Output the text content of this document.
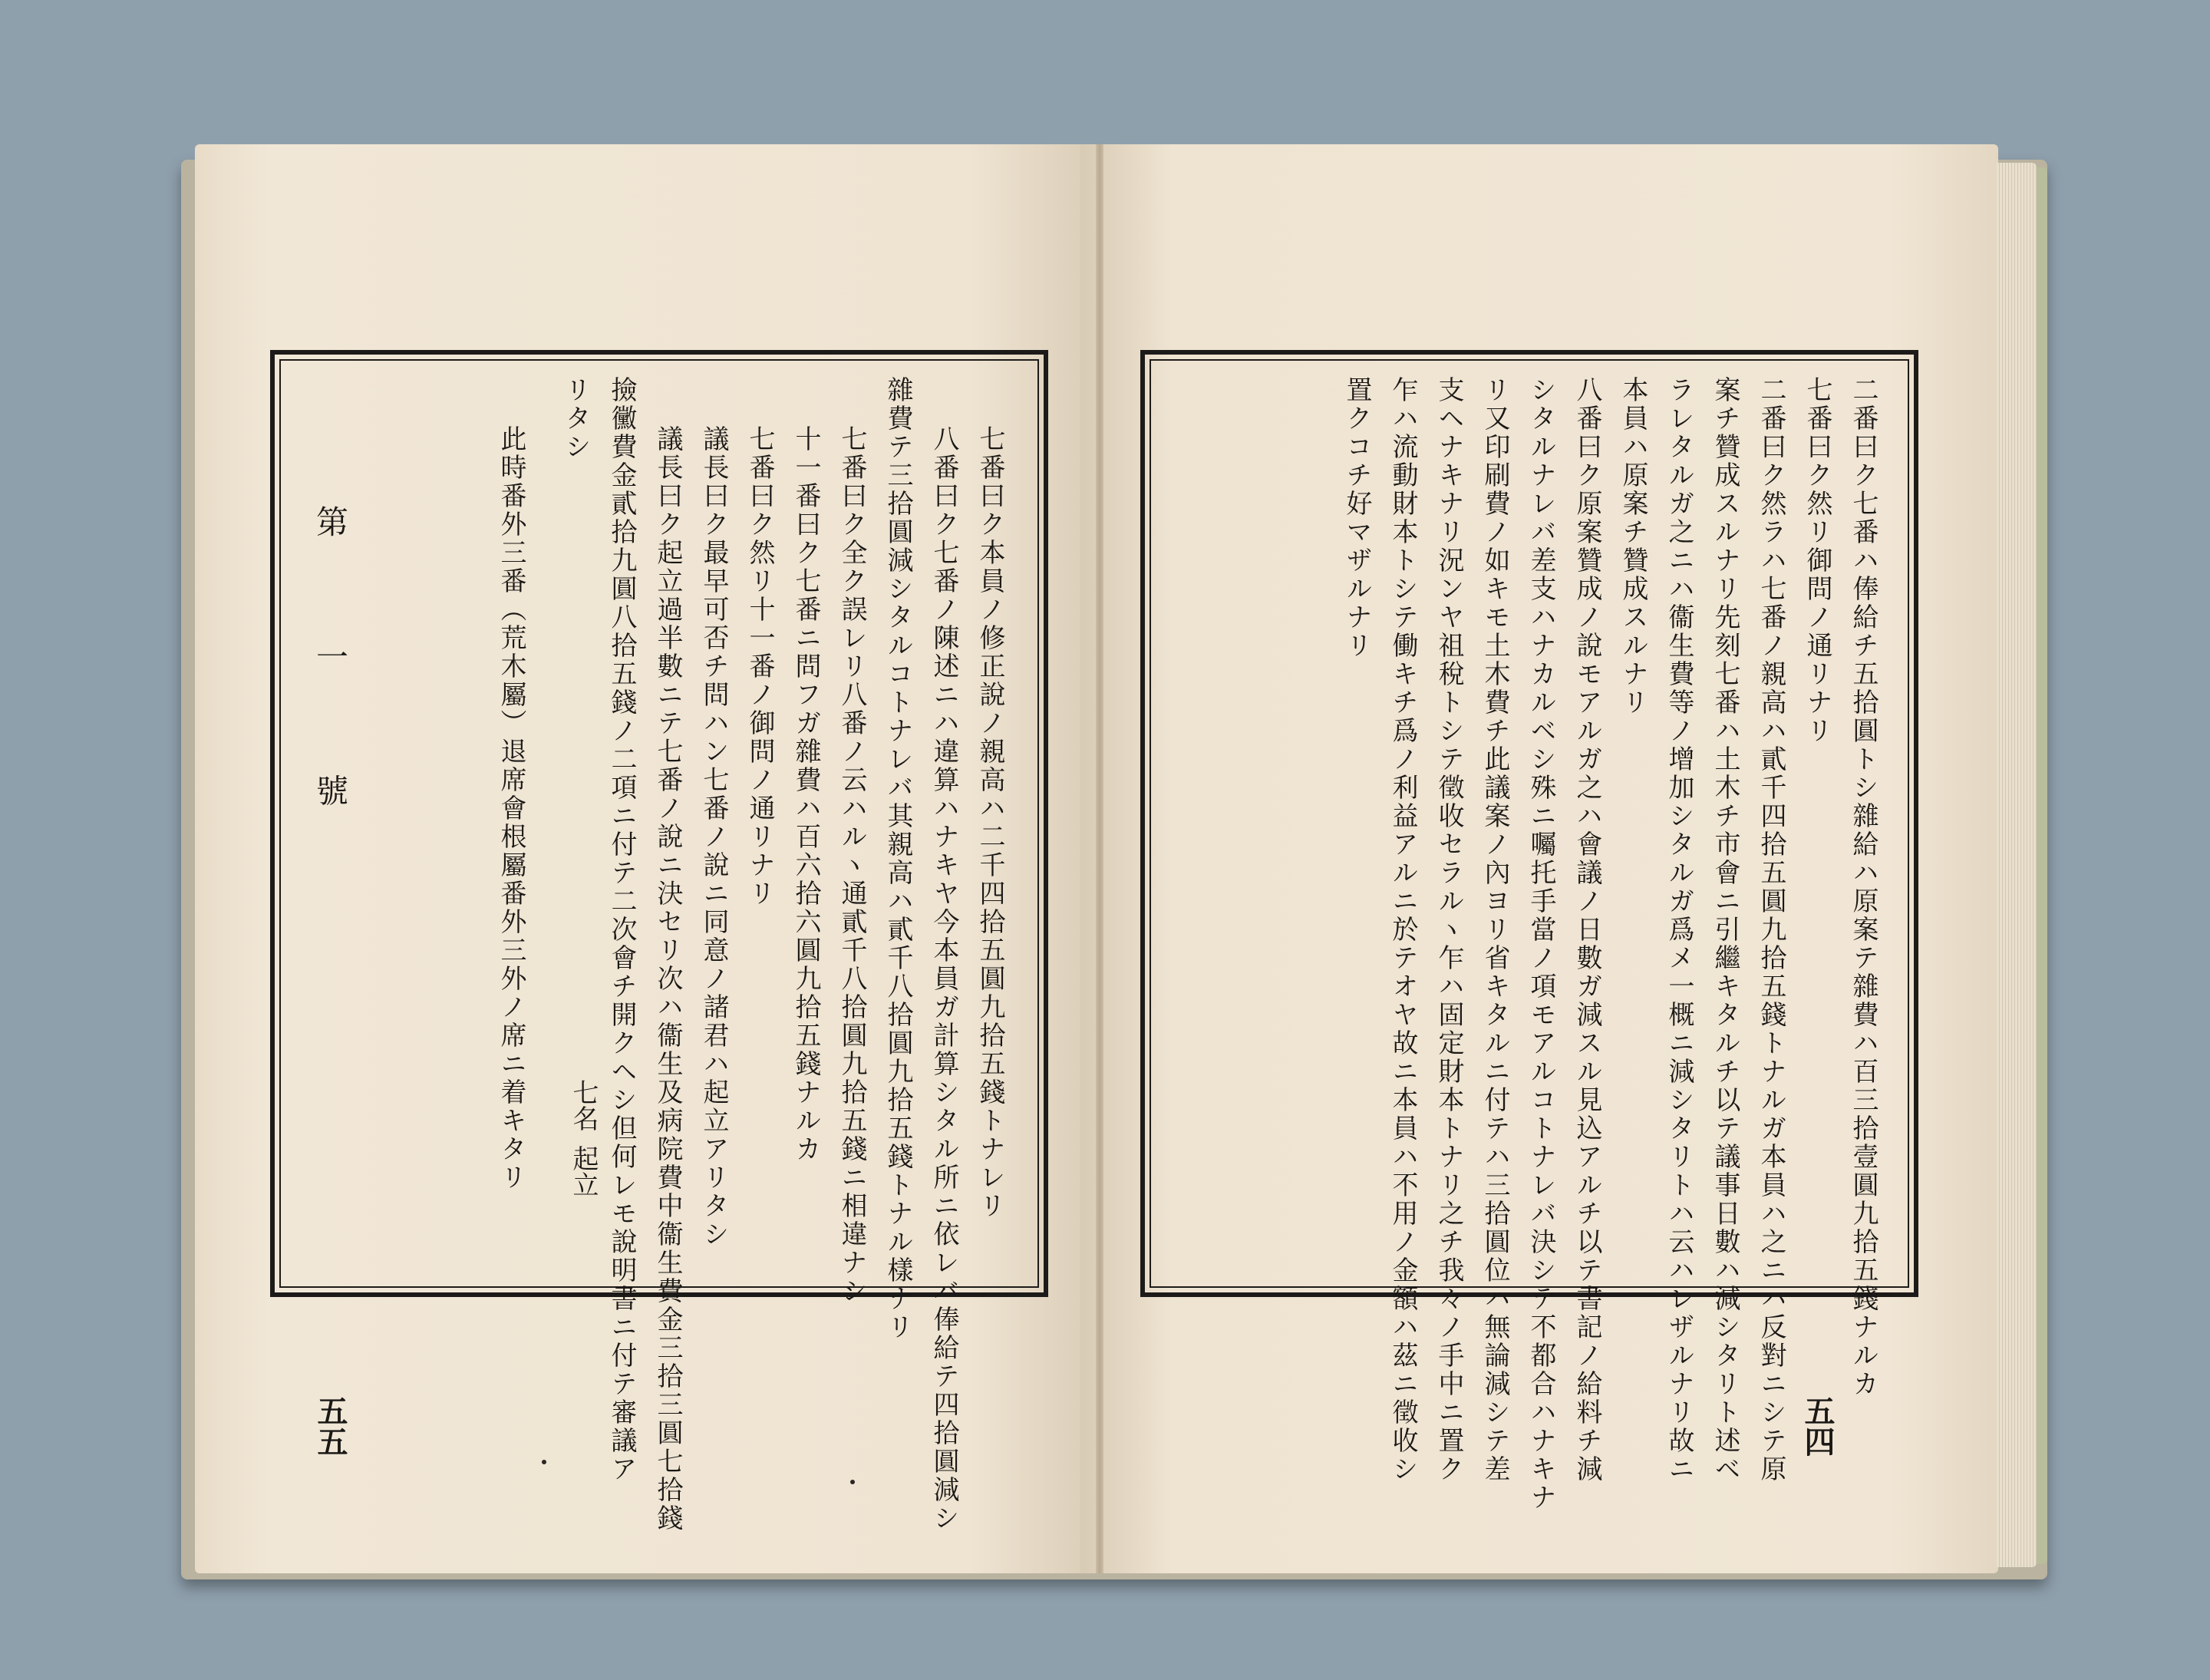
第 一 號
五五
七番曰ク本員ノ修正說ノ親高ハ二千四拾五圓九拾五錢トナレリ
八番曰ク七番ノ陳述ニハ違算ハナキヤ今本員ガ計算シタル所ニ依レバ俸給テ四拾圓減シ
雜費テ三拾圓減シタルコトナレバ其親高ハ貳千八拾圓九拾五錢トナル樣ナリ
七番曰ク全ク誤レリ八番ノ云ハルヽ通貳千八拾圓九拾五錢ニ相違ナシ
十一番曰ク七番ニ問フガ雜費ハ百六拾六圓九拾五錢ナルカ
七番曰ク然リ十一番ノ御問ノ通リナリ
議長曰ク最早可否チ問ハン七番ノ說ニ同意ノ諸君ハ起立アリタシ
議長曰ク起立過半數ニテ七番ノ說ニ決セリ次ハ衞生及病院費中衞生費金三拾三圓七拾錢
撿黴費金貳拾九圓八拾五錢ノ二項ニ付テ二次會チ開クヘシ但何レモ說明書ニ付テ審議ア
リタシ
此時番外三番（荒木屬）退席會根屬番外三外ノ席ニ着キタリ 起立
七名
五四
二番曰ク七番ハ俸給チ五拾圓トシ雜給ハ原案テ雜費ハ百三拾壹圓九拾五錢ナルカ
七番曰ク然リ御問ノ通リナリ
二番曰ク然ラハ七番ノ親高ハ貳千四拾五圓九拾五錢トナルガ本員ハ之ニハ反對ニシテ原
案チ贊成スルナリ先刻七番ハ土木チ市會ニ引繼キタルチ以テ議事日數ハ減シタリト述ベ
ラレタルガ之ニハ衞生費等ノ增加シタルガ爲メ一概ニ減シタリトハ云ハレザルナリ故ニ
本員ハ原案チ贊成スルナリ
八番曰ク原案贊成ノ說モアルガ之ハ會議ノ日數ガ減スル見込アルチ以テ書記ノ給料チ減
シタルナレバ差支ハナカルベシ殊ニ囑托手當ノ項モアルコトナレバ決シテ不都合ハナキナ
リ又印刷費ノ如キモ土木費チ此議案ノ內ヨリ省キタルニ付テハ三拾圓位ハ無論減シテ差
支ヘナキナリ況ンヤ祖稅トシテ徵收セラルヽ乍ハ固定財本トナリ之チ我々ノ手中ニ置ク
乍ハ流動財本トシテ働キチ爲ノ利益アルニ於テオヤ故ニ本員ハ不用ノ金額ハ茲ニ徵收シ
置クコチ好マザルナリ
